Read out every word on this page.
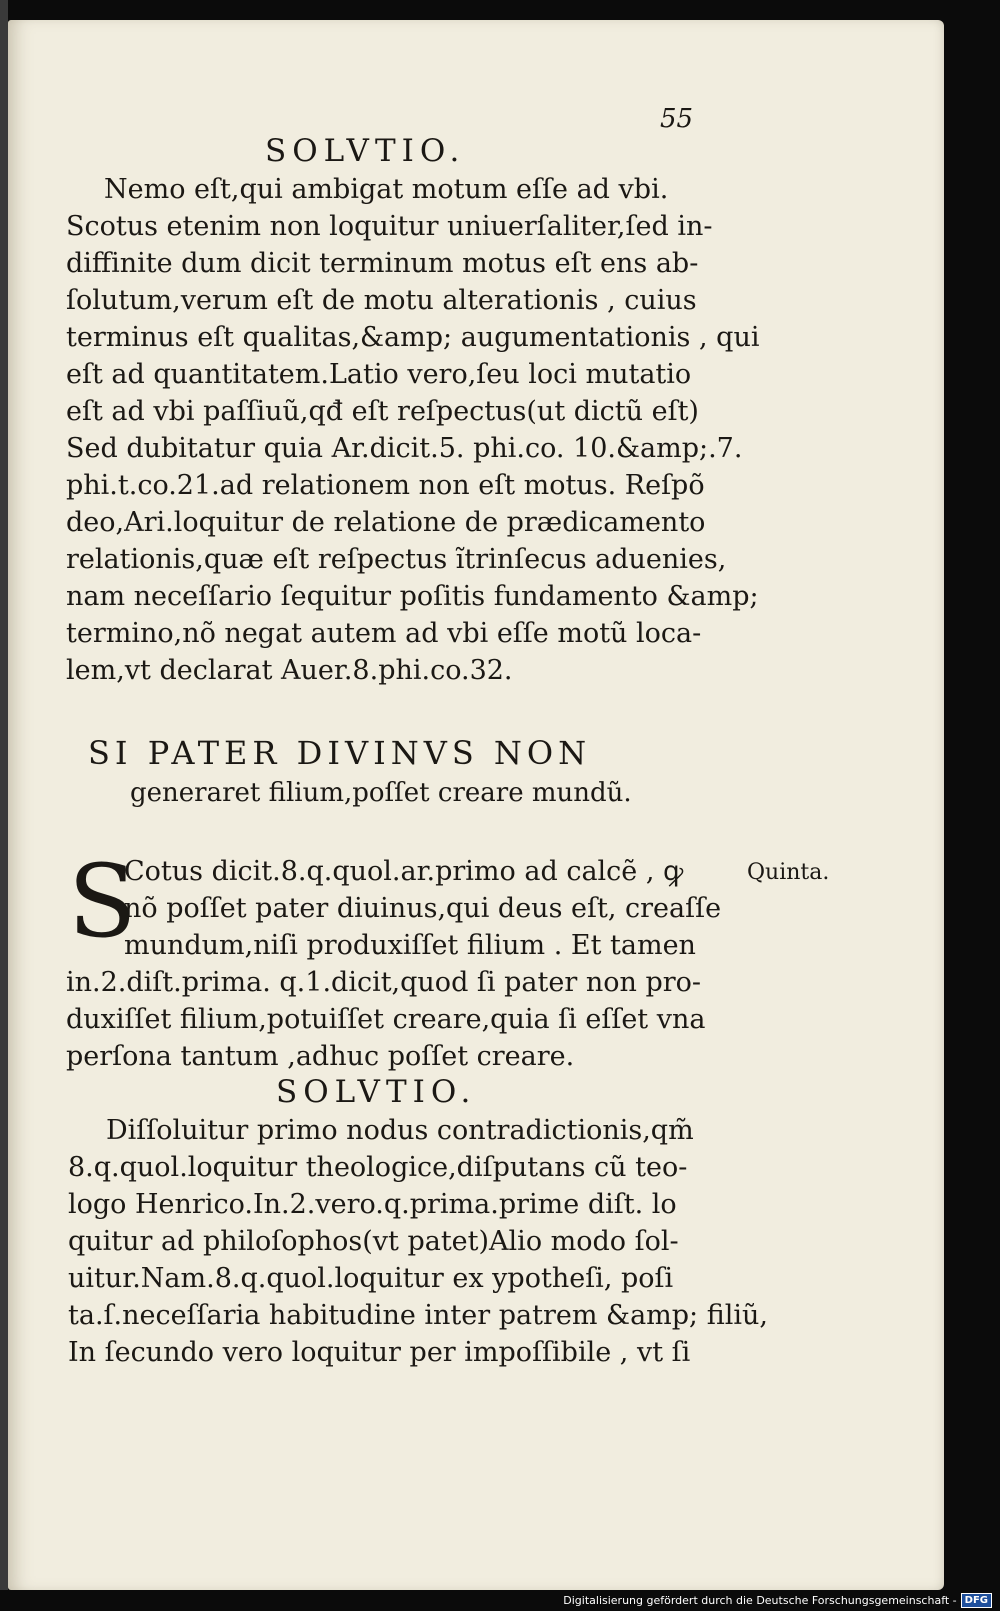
55
SOLVTIO.
Nemo eſt,qui ambigat motum eſſe ad vbi.
Scotus etenim non loquitur uniuerſaliter,ſed in-
diffinite dum dicit terminum motus eſt ens ab-
ſolutum,verum eſt de motu alterationis , cuius
terminus eſt qualitas,&amp; augumentationis , qui
eſt ad quantitatem.Latio vero,ſeu loci mutatio
eſt ad vbi paſſiuũ,qđ eſt reſpectus(ut dictũ eſt)
Sed dubitatur quia Ar.dicit.5. phi.co. 10.&amp;.7.
phi.t.co.21.ad relationem non eſt motus. Reſpõ
deo,Ari.loquitur de relatione de prædicamento
relationis,quæ eſt reſpectus ĩtrinſecus aduenies,
nam neceſſario ſequitur poſitis fundamento &amp;
termino,nõ negat autem ad vbi eſſe motũ loca-
lem,vt declarat Auer.8.phi.co.32.
SI PATER DIVINVS NON
generaret filium,poſſet creare mundũ.
S	Quinta.
Cotus dicit.8.q.quol.ar.primo ad calcẽ , ꝙ
nõ poſſet pater diuinus,qui deus eſt, creaſſe
mundum,niſi produxiſſet filium . Et tamen
in.2.diſt.prima. q.1.dicit,quod ſi pater non pro-
duxiſſet filium,potuiſſet creare,quia ſi eſſet vna
perſona tantum ,adhuc poſſet creare.
SOLVTIO.
Diſſoluitur primo nodus contradictionis,qm̃
8.q.quol.loquitur theologice,diſputans cũ teo-
logo Henrico.In.2.vero.q.prima.prime diſt. lo
quitur ad philoſophos(vt patet)Alio modo ſol-
uitur.Nam.8.q.quol.loquitur ex ypotheſi, poſi
ta.ſ.neceſſaria habitudine inter patrem &amp; filiũ,
In ſecundo vero loquitur per impoſſibile , vt ſi
Digitalisierung gefördert durch die Deutsche Forschungsgemeinschaft - DFG
